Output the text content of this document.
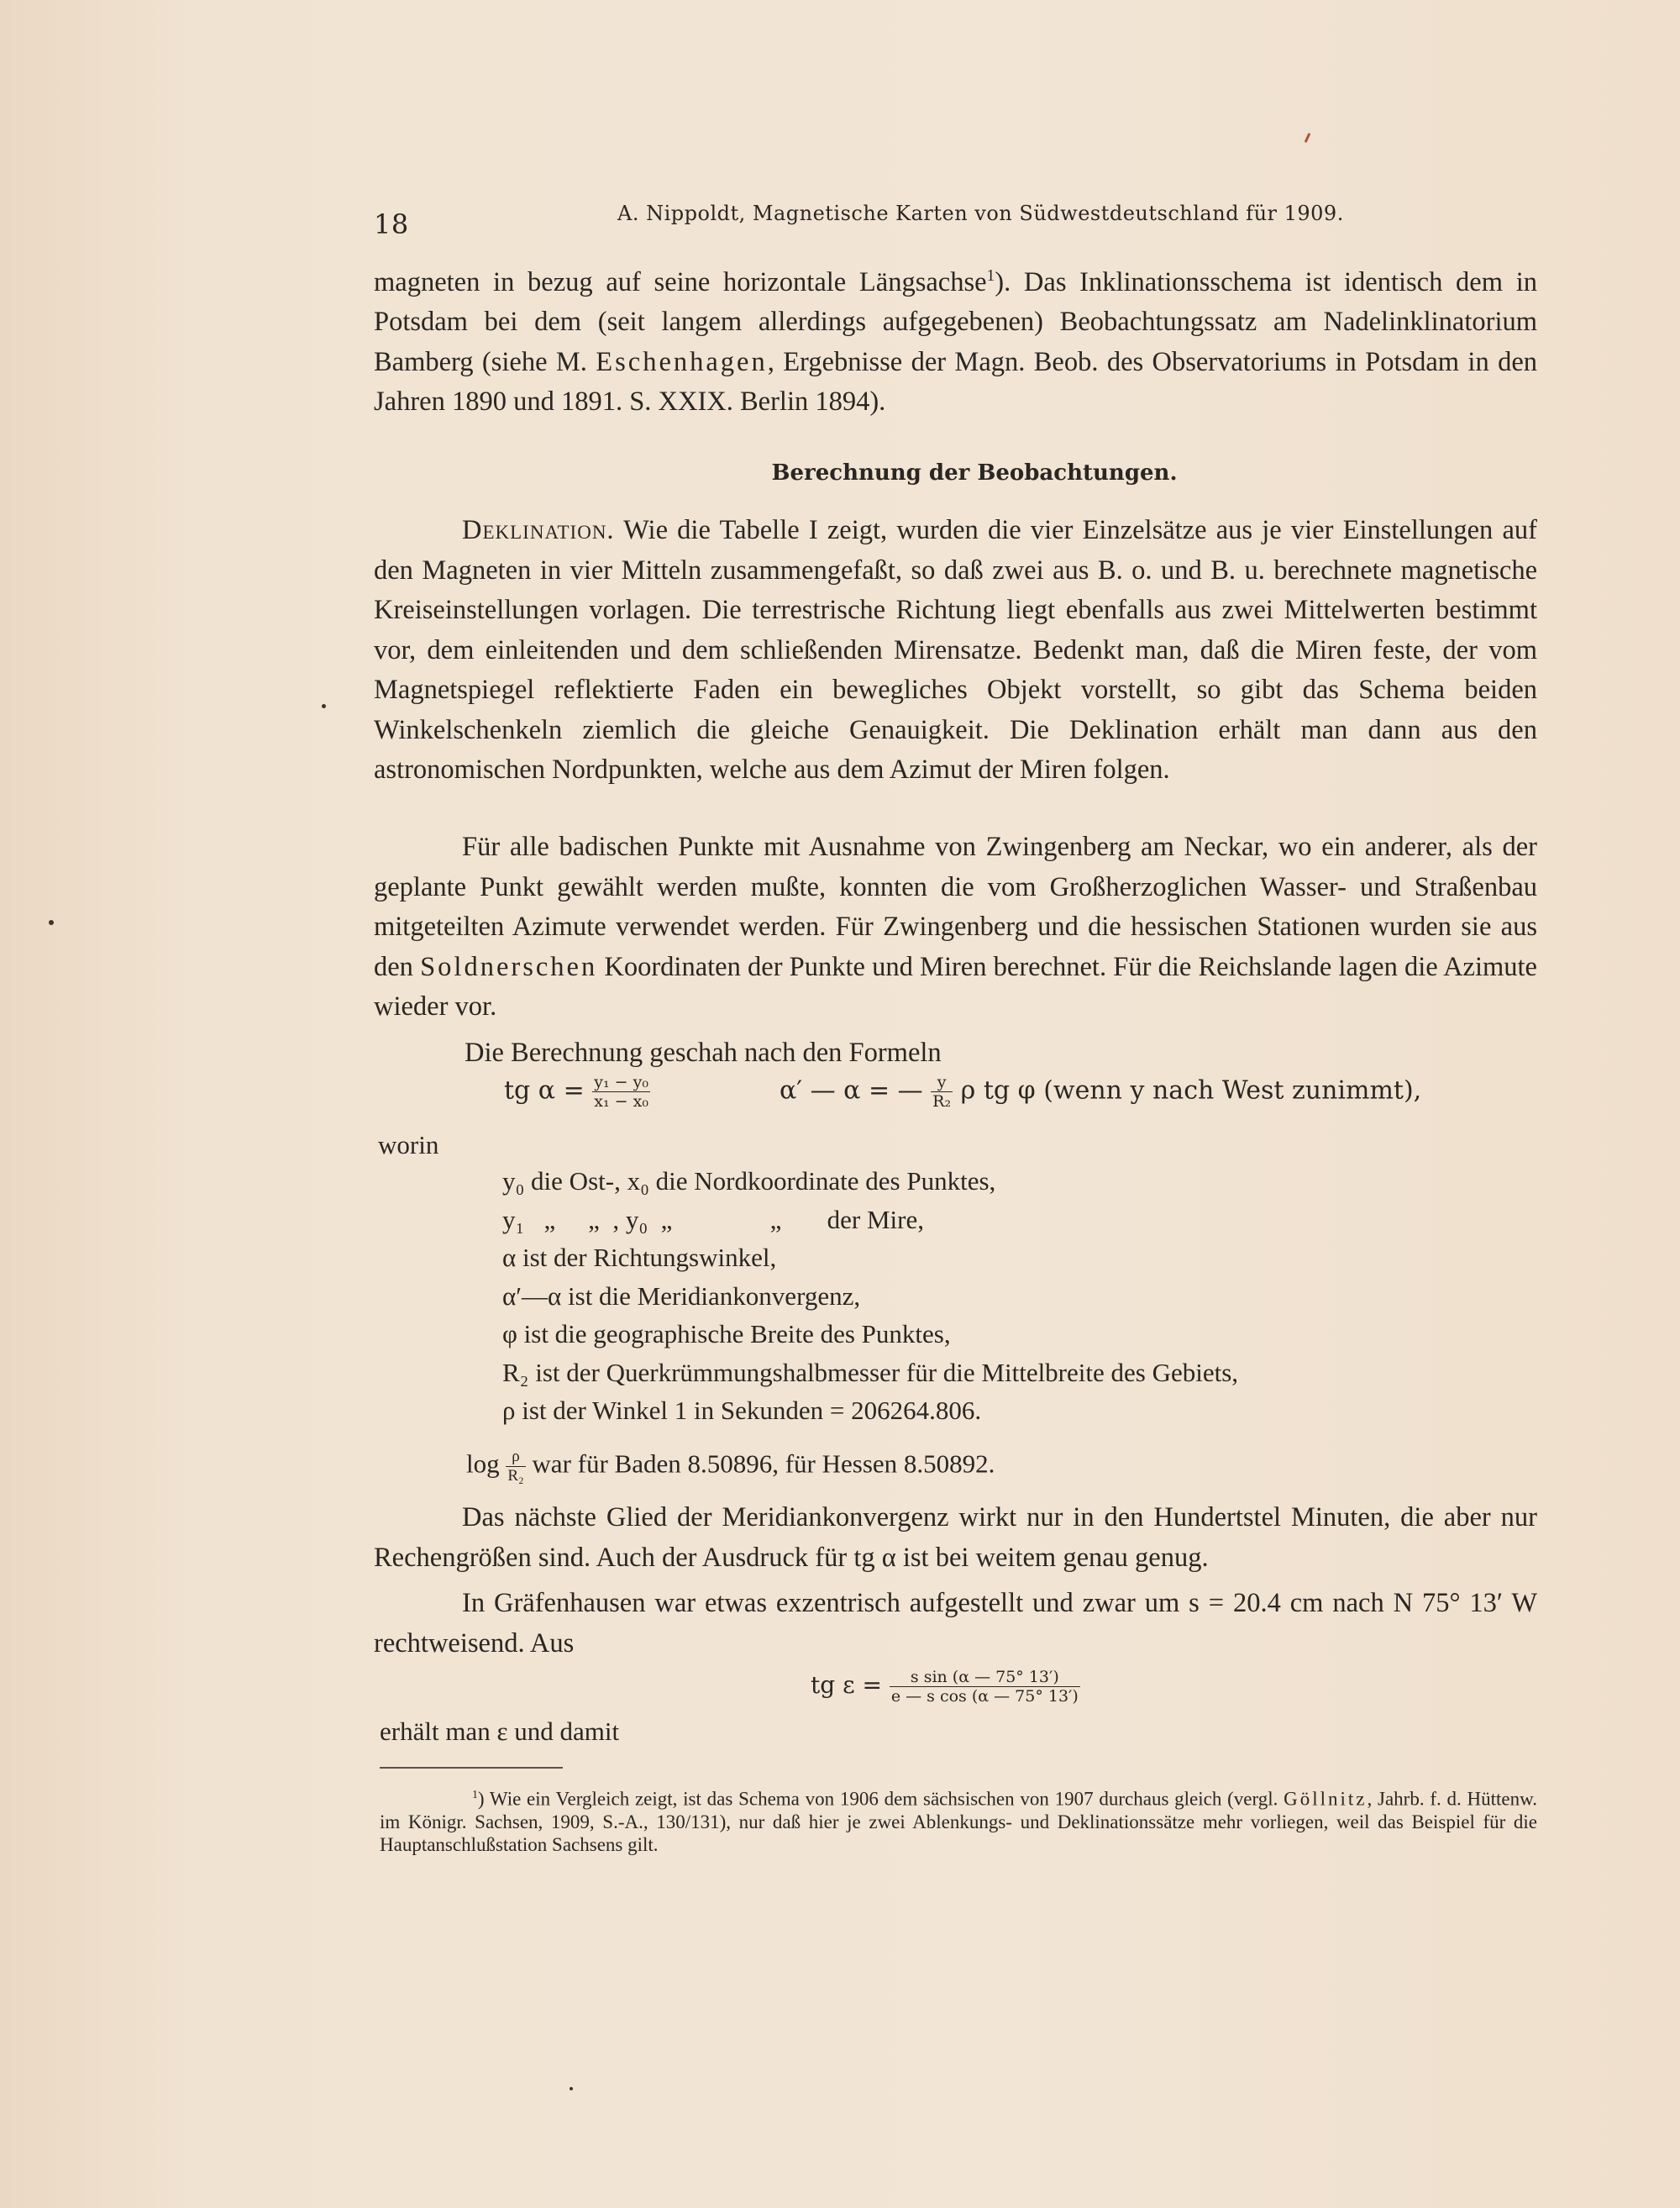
18	A. Nippoldt, Magnetische Karten von Südwestdeutschland für 1909.
magneten in bezug auf seine horizontale Längsachse$^1$). Das Inklinationsschema ist identisch dem in Potsdam bei dem (seit langem allerdings aufgegebenen) Beobachtungssatz am Nadelinklinatorium Bamberg (siehe M. Eschenhagen, Ergebnisse der Magn. Beob. des Observatoriums in Potsdam in den Jahren 1890 und 1891. S. XXIX. Berlin 1894).
Berechnung der Beobachtungen.
Deklination. Wie die Tabelle I zeigt, wurden die vier Einzelsätze aus je vier Einstellungen auf den Magneten in vier Mitteln zusammengefaßt, so daß zwei aus B. o. und B. u. berechnete magnetische Kreiseinstellungen vorlagen. Die terrestrische Richtung liegt ebenfalls aus zwei Mittelwerten bestimmt vor, dem einleitenden und dem schließenden Mirensatze. Bedenkt man, daß die Miren feste, der vom Magnetspiegel reflektierte Faden ein bewegliches Objekt vorstellt, so gibt das Schema beiden Winkelschenkeln ziemlich die gleiche Genauigkeit. Die Deklination erhält man dann aus den astronomischen Nordpunkten, welche aus dem Azimut der Miren folgen.
Für alle badischen Punkte mit Ausnahme von Zwingenberg am Neckar, wo ein anderer, als der geplante Punkt gewählt werden mußte, konnten die vom Großherzoglichen Wasser- und Straßenbau mitgeteilten Azimute verwendet werden. Für Zwingenberg und die hessischen Stationen wurden sie aus den Soldnerschen Koordinaten der Punkte und Miren berechnet. Für die Reichslande lagen die Azimute wieder vor.
Die Berechnung geschah nach den Formeln
tg $\alpha = \frac{\text{y₁ − y₀}}{\text{x₁ − x₀}}$	α′ — α = — $\frac{y}{\text{R₂}}$ ρ tg φ (wenn y nach West zunimmt),
worin
y₀ die Ost-, x₀ die Nordkoordinate des Punktes,
y₁   „     „  , y₀  „               „       der Mire,
α ist der Richtungswinkel,
α′—α ist die Meridiankonvergenz,
φ ist die geographische Breite des Punktes,
R₂ ist der Querkrümmungshalbmesser für die Mittelbreite des Gebiets,
ρ ist der Winkel 1 in Sekunden = 206264.806.
$\log \frac{\rho}{\text{R₂}}$ war für Baden 8.50896, für Hessen 8.50892.
Das nächste Glied der Meridiankonvergenz wirkt nur in den Hundertstel Minuten, die aber nur Rechengrößen sind. Auch der Ausdruck für tg α ist bei weitem genau genug.
In Gräfenhausen war etwas exzentrisch aufgestellt und zwar um s = 20.4 cm nach N 75° 13′ W rechtweisend. Aus
tg $\varepsilon = \frac{\text{s sin (α — 75° 13′)}}{\text{e — s cos (α — 75° 13′)}}$
erhält man ε und damit
$^1$) Wie ein Vergleich zeigt, ist das Schema von 1906 dem sächsischen von 1907 durchaus gleich (vergl. Göllnitz, Jahrb. f. d. Hüttenw. im Königr. Sachsen, 1909, S.-A., 130/131), nur daß hier je zwei Ablenkungs- und Deklinationssätze mehr vorliegen, weil das Beispiel für die Hauptanschlußstation Sachsens gilt.
